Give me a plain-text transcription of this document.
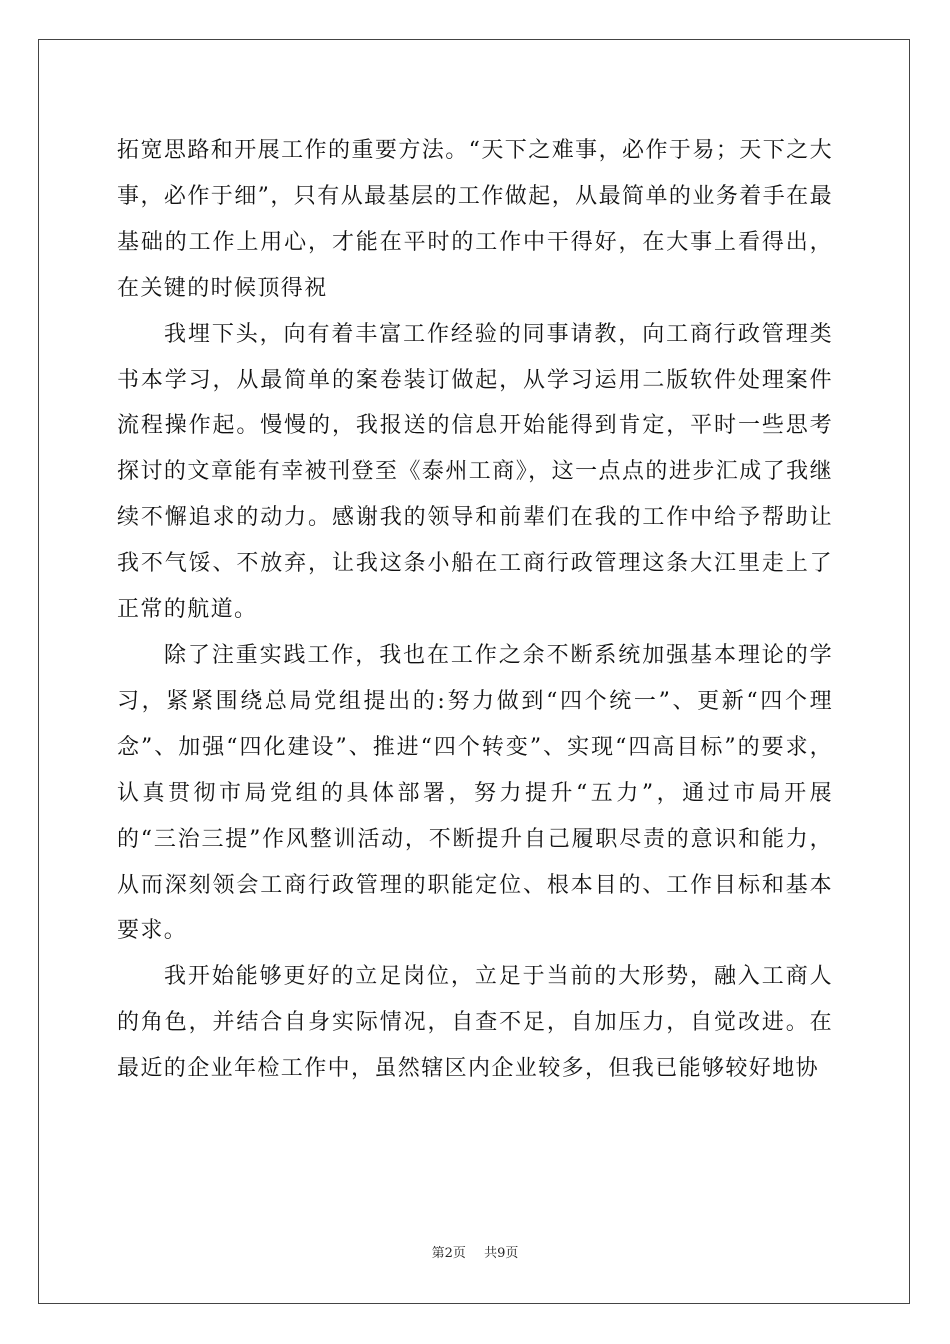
拓宽思路和开展工作的重要方法。“天下之难事，必作于易；天下之大事，必作于细”，只有从最基层的工作做起，从最简单的业务着手在最基础的工作上用心，才能在平时的工作中干得好，在大事上看得出，在关键的时候顶得祝

我埋下头，向有着丰富工作经验的同事请教，向工商行政管理类书本学习，从最简单的案卷装订做起，从学习运用二版软件处理案件流程操作起。慢慢的，我报送的信息开始能得到肯定，平时一些思考探讨的文章能有幸被刊登至《泰州工商》，这一点点的进步汇成了我继续不懈追求的动力。感谢我的领导和前辈们在我的工作中给予帮助让我不气馁、不放弃，让我这条小船在工商行政管理这条大江里走上了正常的航道。

除了注重实践工作，我也在工作之余不断系统加强基本理论的学习，紧紧围绕总局党组提出的:努力做到“四个统一”、更新“四个理念”、加强“四化建设”、推进“四个转变”、实现“四高目标”的要求，认真贯彻市局党组的具体部署，努力提升“五力”，通过市局开展的“三治三提”作风整训活动，不断提升自己履职尽责的意识和能力，从而深刻领会工商行政管理的职能定位、根本目的、工作目标和基本要求。

我开始能够更好的立足岗位，立足于当前的大形势，融入工商人的角色，并结合自身实际情况，自查不足，自加压力，自觉改进。在最近的企业年检工作中，虽然辖区内企业较多，但我已能够较好地协

第2页 共9页
